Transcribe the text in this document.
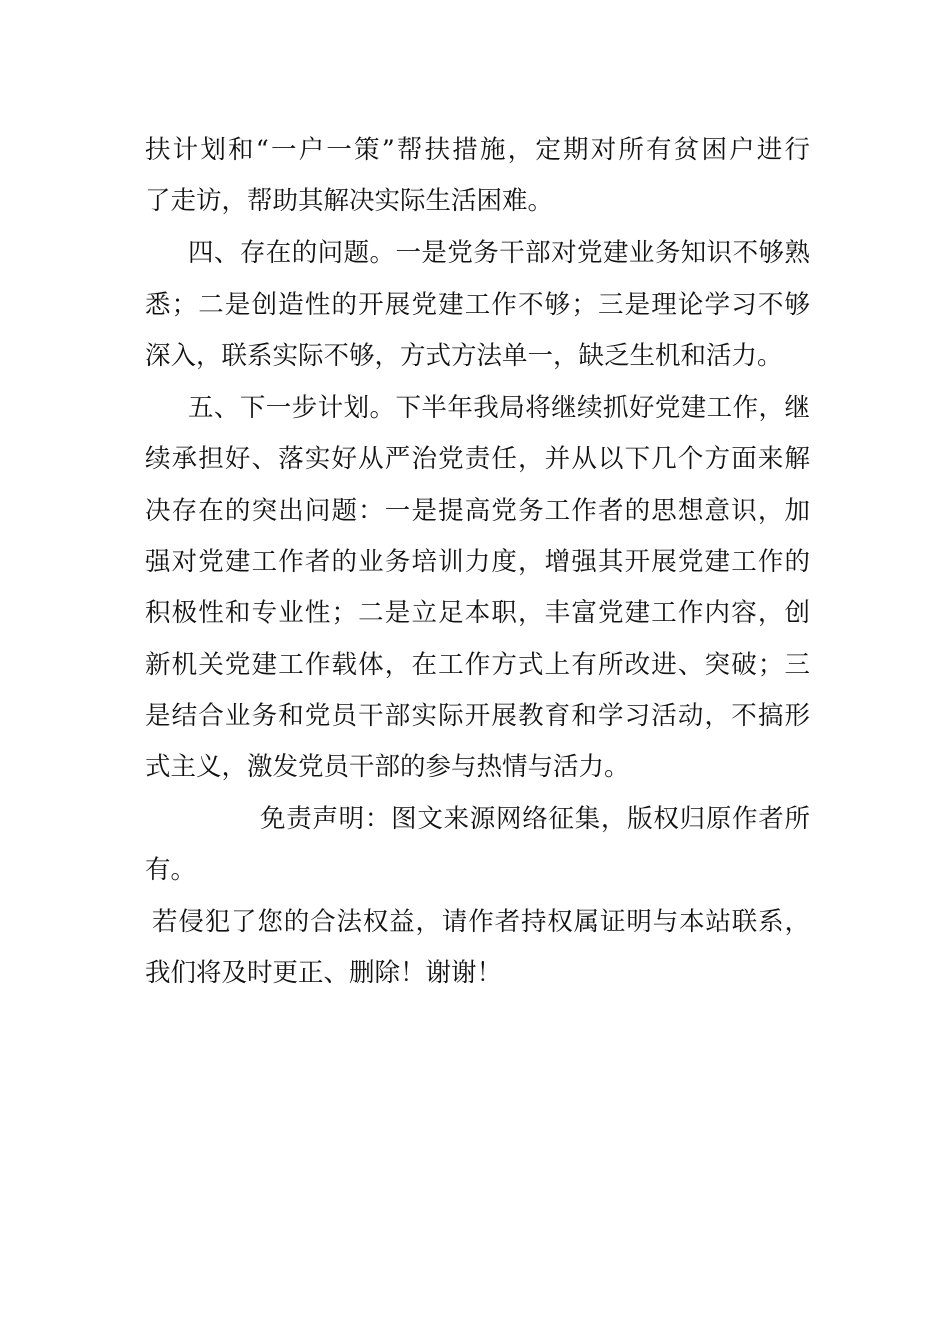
扶计划和“一户一策”帮扶措施，定期对所有贫困户进行
了走访，帮助其解决实际生活困难。
四、存在的问题。一是党务干部对党建业务知识不够熟
悉；二是创造性的开展党建工作不够；三是理论学习不够
深入，联系实际不够，方式方法单一，缺乏生机和活力。
五、下一步计划。下半年我局将继续抓好党建工作，继
续承担好、落实好从严治党责任，并从以下几个方面来解
决存在的突出问题：一是提高党务工作者的思想意识，加
强对党建工作者的业务培训力度，增强其开展党建工作的
积极性和专业性；二是立足本职，丰富党建工作内容，创
新机关党建工作载体，在工作方式上有所改进、突破；三
是结合业务和党员干部实际开展教育和学习活动，不搞形
式主义，激发党员干部的参与热情与活力。
免责声明：图文来源网络征集，版权归原作者所
有。
若侵犯了您的合法权益，请作者持权属证明与本站联系，
我们将及时更正、删除！谢谢！
